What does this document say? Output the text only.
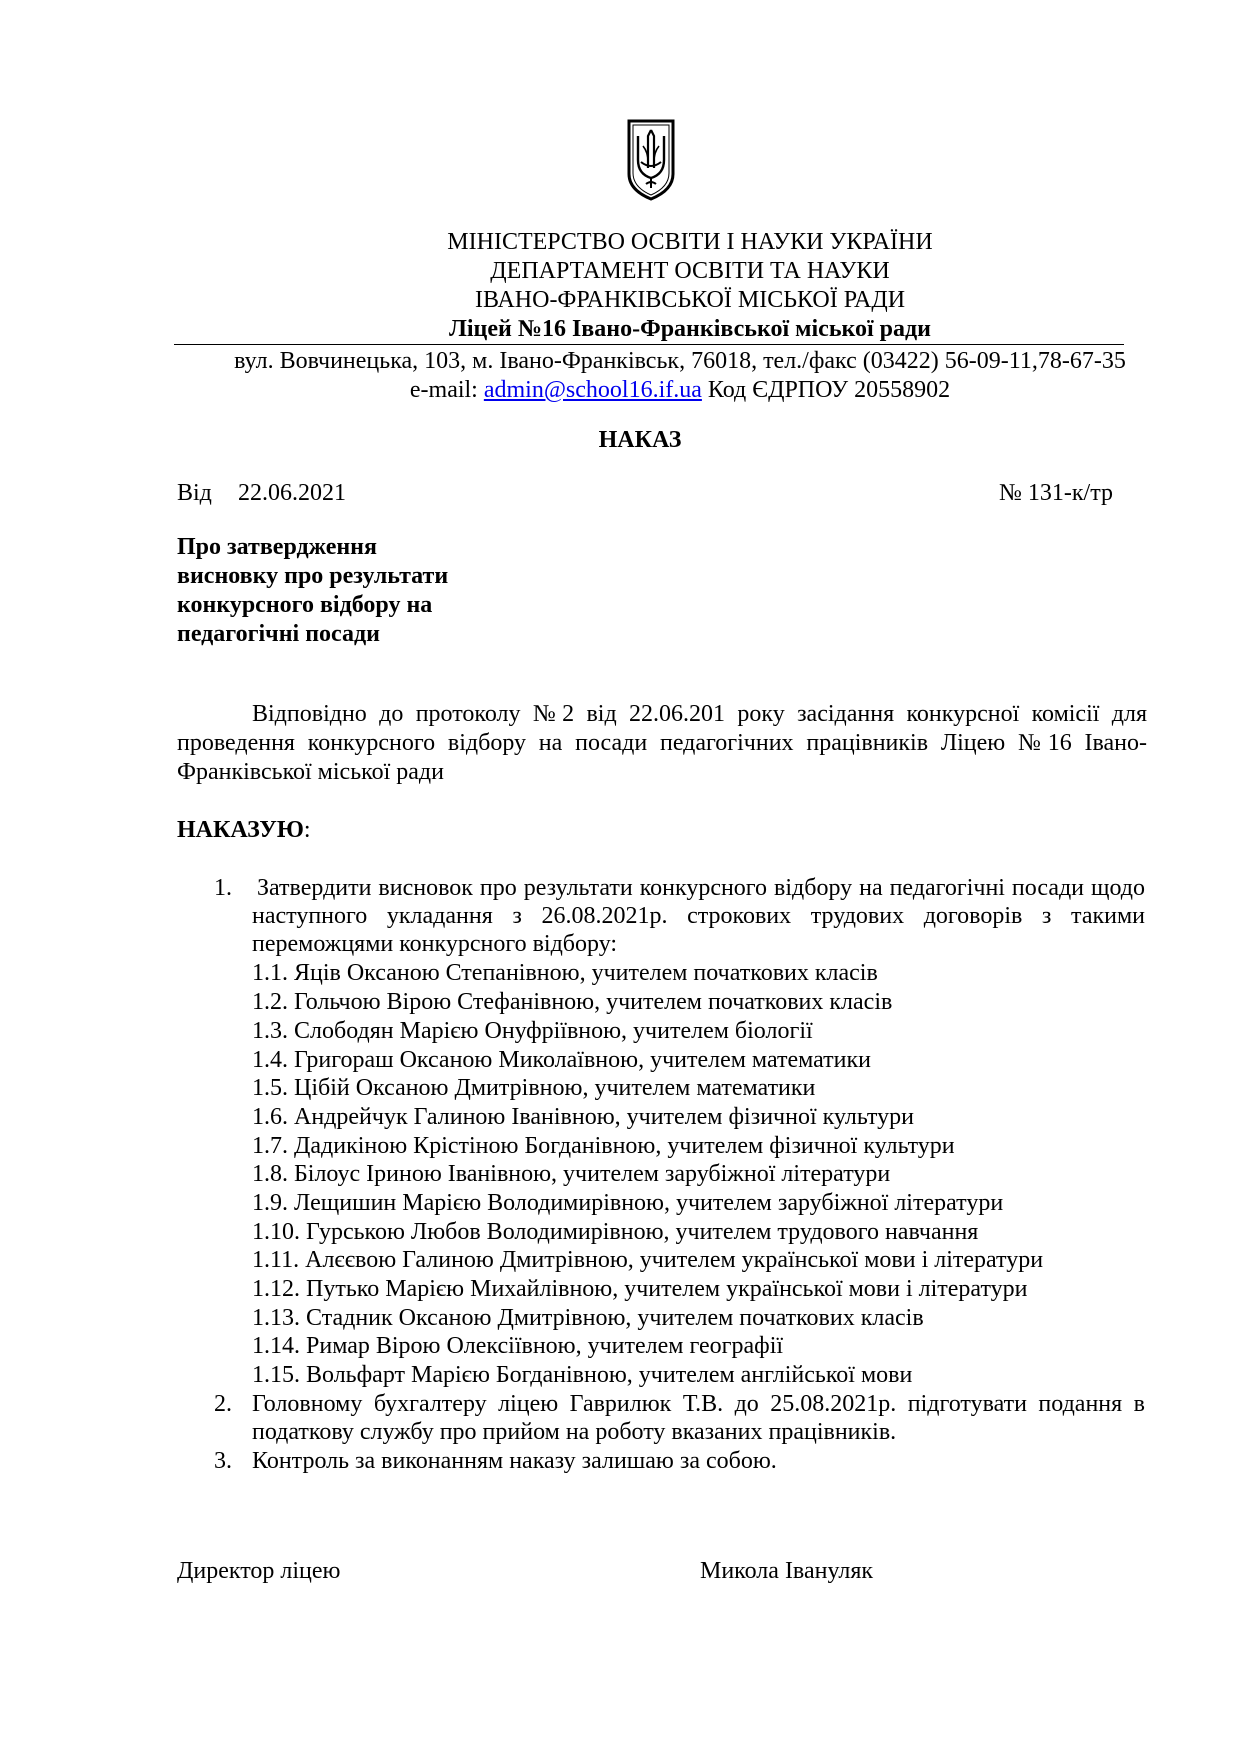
МІНІСТЕРСТВО ОСВІТИ І НАУКИ УКРАЇНИ
ДЕПАРТАМЕНТ ОСВІТИ ТА НАУКИ
ІВАНО-ФРАНКІВСЬКОЇ МІСЬКОЇ РАДИ
Ліцей №16 Івано-Франківської міської ради
вул. Вовчинецька, 103, м. Івано-Франківськ, 76018, тел./факс (03422) 56-09-11,78-67-35
e-mail: admin@school16.if.ua Код ЄДРПОУ 20558902
НАКАЗ
Від 22.06.2021	№ 131-к/тр
Про затвердження
висновку про результати
конкурсного відбору на
педагогічні посади
Відповідно до протоколу №2 від 22.06.201 року засідання конкурсної комісії для проведення конкурсного відбору на посади педагогічних працівників Ліцею №16 Івано-Франківської міської ради
НАКАЗУЮ:
1. Затвердити висновок про результати конкурсного відбору на педагогічні посади щодо наступного укладання з 26.08.2021р. строкових трудових договорів з такими переможцями конкурсного відбору:
1.1. Яців Оксаною Степанівною, учителем початкових класів
1.2. Гольчою Вірою Стефанівною, учителем початкових класів
1.3. Слободян Марією Онуфріївною, учителем біології
1.4. Григораш Оксаною Миколаївною, учителем математики
1.5. Цібій Оксаною Дмитрівною, учителем математики
1.6. Андрейчук Галиною Іванівною, учителем фізичної культури
1.7. Дадикіною Крістіною Богданівною, учителем фізичної культури
1.8. Білоус Іриною Іванівною, учителем зарубіжної літератури
1.9. Лещишин Марією Володимирівною, учителем зарубіжної літератури
1.10. Гурською Любов Володимирівною, учителем трудового навчання
1.11. Алєєвою Галиною Дмитрівною, учителем української мови і літератури
1.12. Путько Марією Михайлівною, учителем української мови і літератури
1.13. Стадник Оксаною Дмитрівною, учителем початкових класів
1.14. Римар Вірою Олексіївною, учителем географії
1.15. Вольфарт Марією Богданівною, учителем англійської мови
2. Головному бухгалтеру ліцею Гаврилюк Т.В. до 25.08.2021р. підготувати подання в податкову службу про прийом на роботу вказаних працівників.
3. Контроль за виконанням наказу залишаю за собою.
Директор ліцею	Микола Івануляк
